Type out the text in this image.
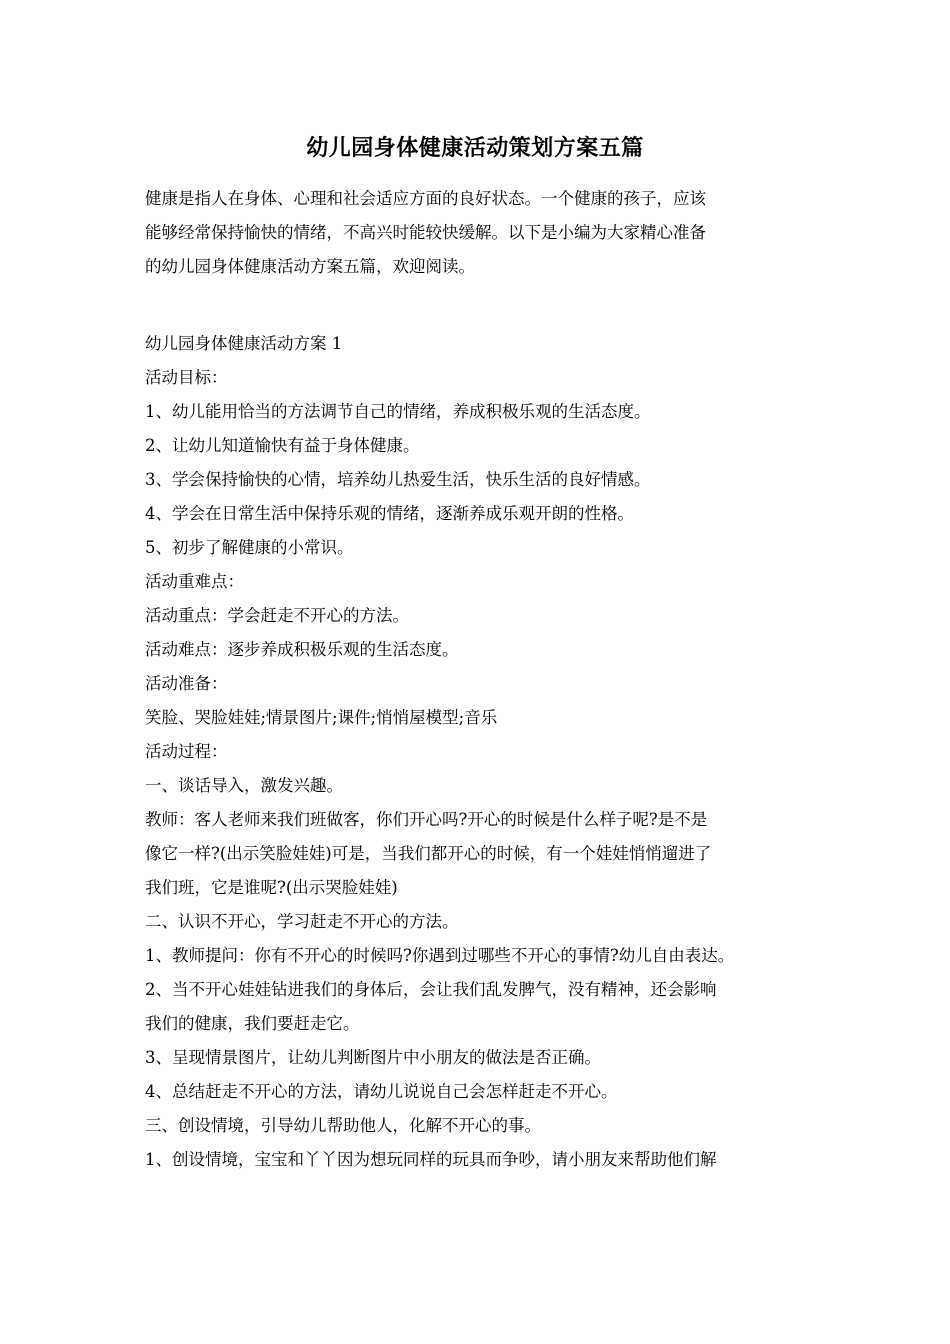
幼儿园身体健康活动策划方案五篇

健康是指人在身体、心理和社会适应方面的良好状态。一个健康的孩子，应该

能够经常保持愉快的情绪，不高兴时能较快缓解。以下是小编为大家精心准备

的幼儿园身体健康活动方案五篇，欢迎阅读。

幼儿园身体健康活动方案 1

活动目标：

1、幼儿能用恰当的方法调节自己的情绪，养成积极乐观的生活态度。

2、让幼儿知道愉快有益于身体健康。

3、学会保持愉快的心情，培养幼儿热爱生活，快乐生活的良好情感。

4、学会在日常生活中保持乐观的情绪，逐渐养成乐观开朗的性格。

5、初步了解健康的小常识。

活动重难点：

活动重点：学会赶走不开心的方法。

活动难点：逐步养成积极乐观的生活态度。

活动准备：

笑脸、哭脸娃娃;情景图片;课件;悄悄屋模型;音乐

活动过程：

一、谈话导入，激发兴趣。

教师：客人老师来我们班做客，你们开心吗?开心的时候是什么样子呢?是不是

像它一样?(出示笑脸娃娃)可是，当我们都开心的时候，有一个娃娃悄悄遛进了

我们班，它是谁呢?(出示哭脸娃娃)

二、认识不开心，学习赶走不开心的方法。

1、教师提问：你有不开心的时候吗?你遇到过哪些不开心的事情?幼儿自由表达。

2、当不开心娃娃钻进我们的身体后，会让我们乱发脾气，没有精神，还会影响

我们的健康，我们要赶走它。

3、呈现情景图片，让幼儿判断图片中小朋友的做法是否正确。

4、总结赶走不开心的方法，请幼儿说说自己会怎样赶走不开心。

三、创设情境，引导幼儿帮助他人，化解不开心的事。

1、创设情境，宝宝和丫丫因为想玩同样的玩具而争吵，请小朋友来帮助他们解
